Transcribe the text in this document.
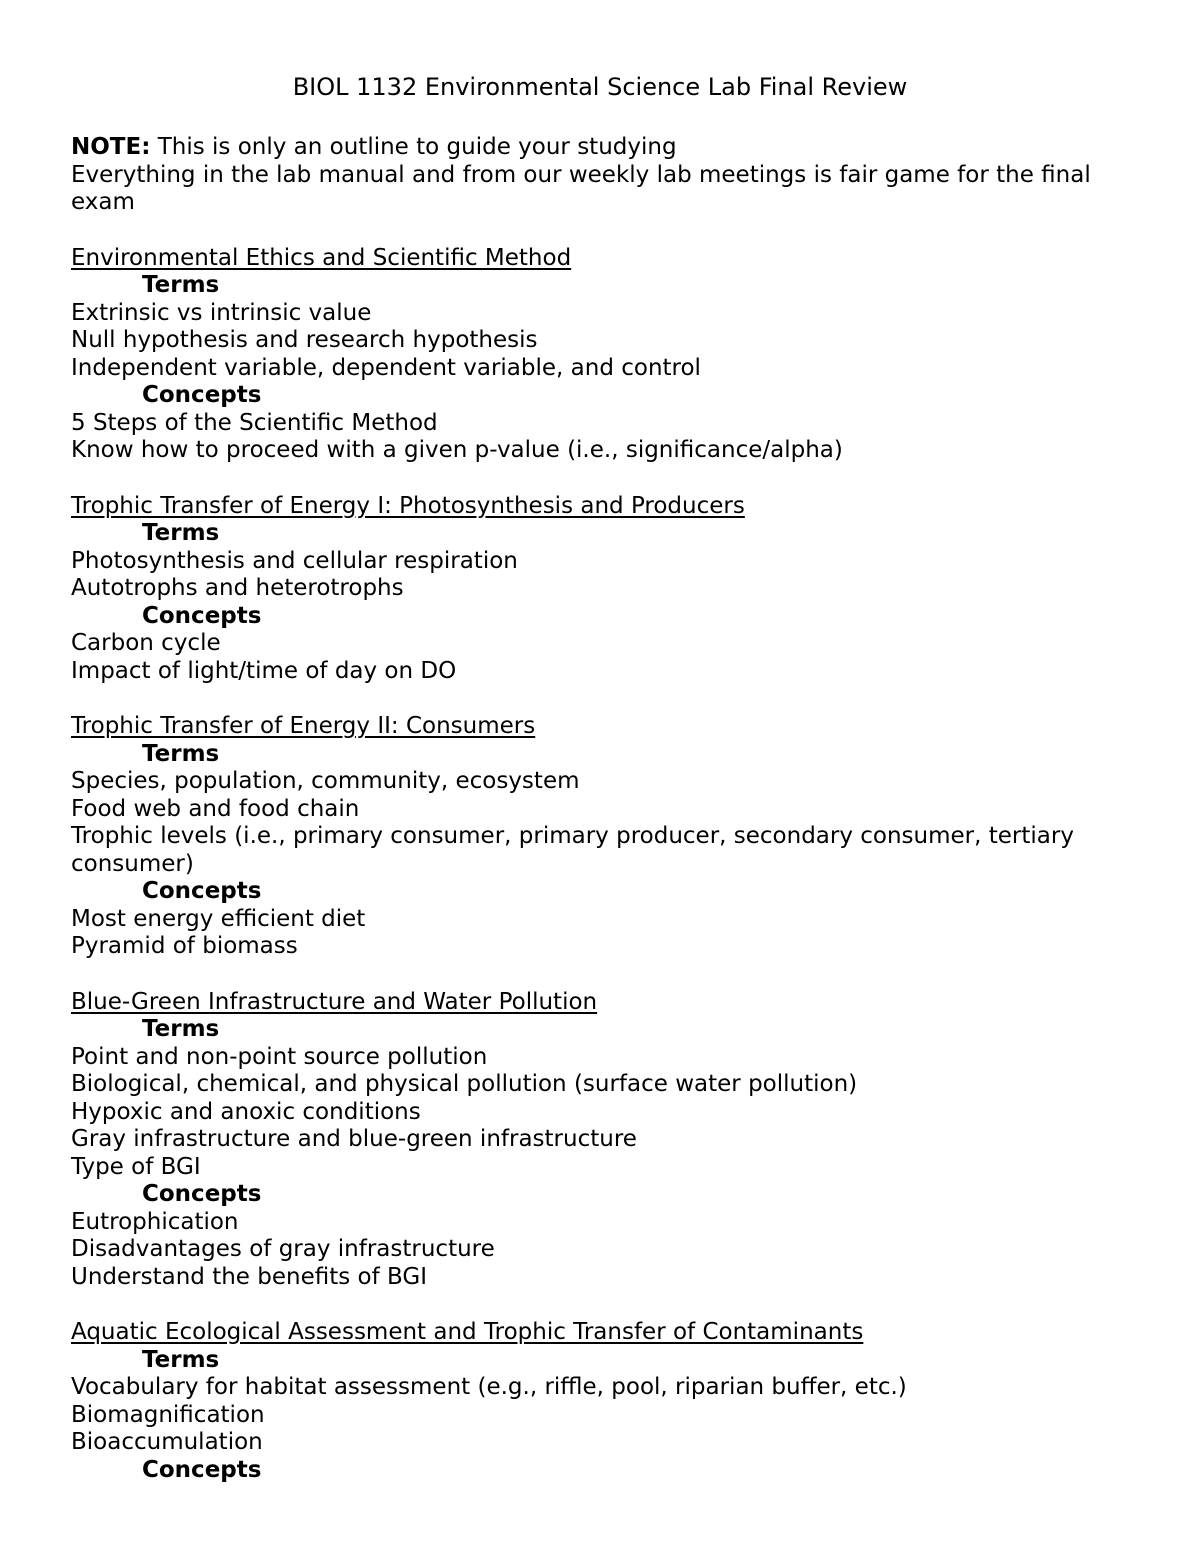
BIOL 1132 Environmental Science Lab Final Review

NOTE: This is only an outline to guide your studying

Everything in the lab manual and from our weekly lab meetings is fair game for the final exam

Environmental Ethics and Scientific Method
Terms
Extrinsic vs intrinsic value
Null hypothesis and research hypothesis
Independent variable, dependent variable, and control
Concepts
5 Steps of the Scientific Method
Know how to proceed with a given p-value (i.e., significance/alpha)
Trophic Transfer of Energy I: Photosynthesis and Producers
Terms
Photosynthesis and cellular respiration
Autotrophs and heterotrophs
Concepts
Carbon cycle
Impact of light/time of day on DO
Trophic Transfer of Energy II: Consumers
Terms
Species, population, community, ecosystem
Food web and food chain
Trophic levels (i.e., primary consumer, primary producer, secondary consumer, tertiary consumer)
Concepts
Most energy efficient diet
Pyramid of biomass
Blue-Green Infrastructure and Water Pollution
Terms
Point and non-point source pollution
Biological, chemical, and physical pollution (surface water pollution)
Hypoxic and anoxic conditions
Gray infrastructure and blue-green infrastructure
Type of BGI
Concepts
Eutrophication
Disadvantages of gray infrastructure
Understand the benefits of BGI
Aquatic Ecological Assessment and Trophic Transfer of Contaminants
Terms
Vocabulary for habitat assessment (e.g., riffle, pool, riparian buffer, etc.)
Biomagnification
Bioaccumulation
Concepts
